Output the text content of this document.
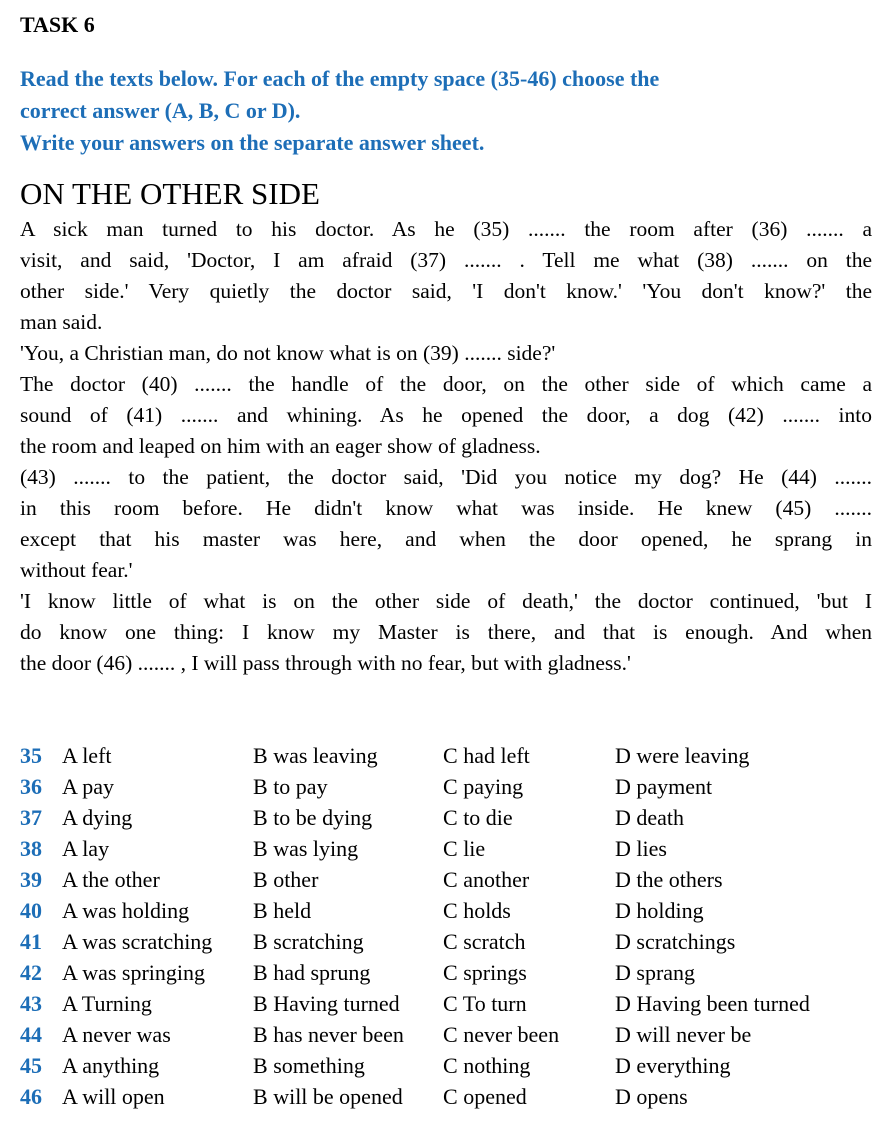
TASK 6
Read the texts below. For each of the empty space (35-46) choose the
correct answer (A, B, C or D).
Write your answers on the separate answer sheet.
ON THE OTHER SIDE
A sick man turned to his doctor. As he (35) ....... the room after (36) ....... a
visit, and said, 'Doctor, I am afraid (37) ....... . Tell me what (38) ....... on the
other side.' Very quietly the doctor said, 'I don't know.' 'You don't know?' the
man said.
'You, a Christian man, do not know what is on (39) ....... side?'
The doctor (40) ....... the handle of the door, on the other side of which came a
sound of (41) ....... and whining. As he opened the door, a dog (42) ....... into
the room and leaped on him with an eager show of gladness.
(43) ....... to the patient, the doctor said, 'Did you notice my dog? He (44) .......
in this room before. He didn't know what was inside. He knew (45) .......
except that his master was here, and when the door opened, he sprang in
without fear.'
'I know little of what is on the other side of death,' the doctor continued, 'but I
do know one thing: I know my Master is there, and that is enough. And when
the door (46) ....... , I will pass through with no fear, but with gladness.'
35 A left	B was leaving	C had left	D were leaving
36 A pay	B to pay	C paying	D payment
37 A dying	B to be dying	C to die	D death
38 A lay	B was lying	C lie	D lies
39 A the other	B other	C another	D the others
40 A was holding	B held	C holds	D holding
41 A was scratching	B scratching	C scratch	D scratchings
42 A was springing	B had sprung	C springs	D sprang
43 A Turning	B Having turned	C To turn	D Having been turned
44 A never was	B has never been	C never been	D will never be
45 A anything	B something	C nothing	D everything
46 A will open	B will be opened	C opened	D opens
